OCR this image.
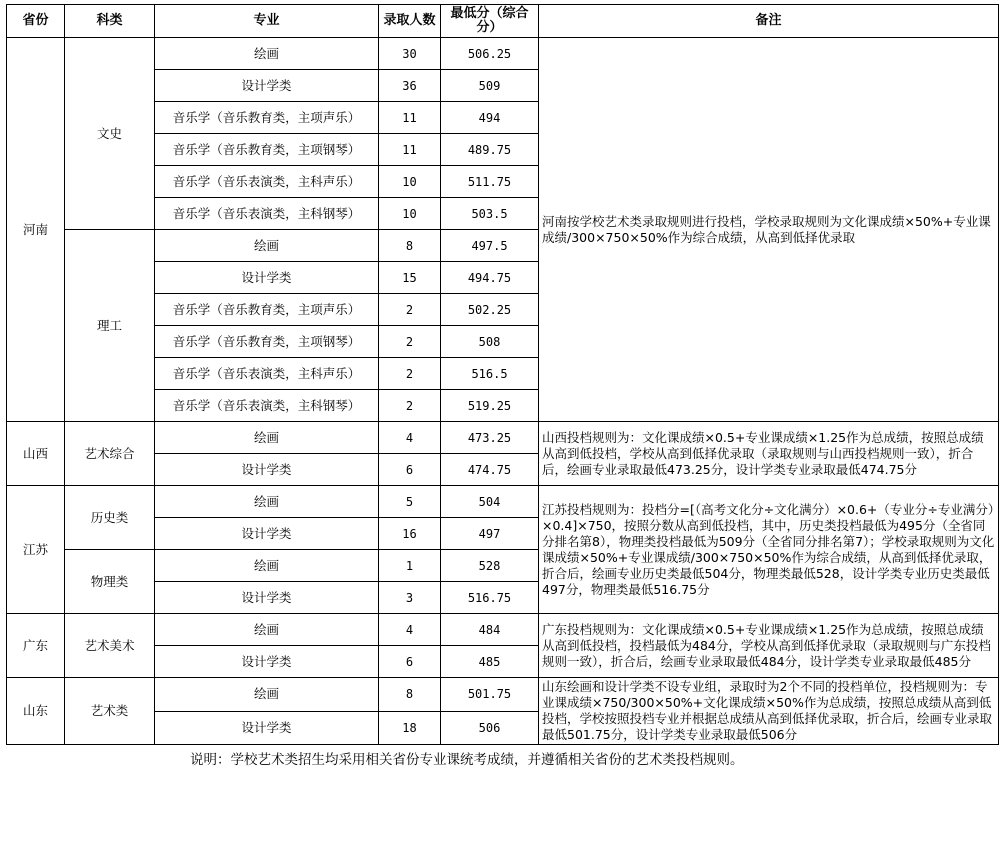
省份	科类	专业	录取人数	最低分（综合分）	备注
河南	文史	绘画	30	506.25	河南按学校艺术类录取规则进行投档，学校录取规则为文化课成绩×50%+专业课成绩/300×750×50%作为综合成绩，从高到低择优录取
		设计学类	36	509	
		音乐学（音乐教育类，主项声乐）	11	494	
		音乐学（音乐教育类，主项钢琴）	11	489.75	
		音乐学（音乐表演类，主科声乐）	10	511.75	
		音乐学（音乐表演类，主科钢琴）	10	503.5	
	理工	绘画	8	497.5	
		设计学类	15	494.75	
		音乐学（音乐教育类，主项声乐）	2	502.25	
		音乐学（音乐教育类，主项钢琴）	2	508	
		音乐学（音乐表演类，主科声乐）	2	516.5	
		音乐学（音乐表演类，主科钢琴）	2	519.25	
山西	艺术综合	绘画	4	473.25	山西投档规则为：文化课成绩×0.5+专业课成绩×1.25作为总成绩，按照总成绩从高到低投档，学校从高到低择优录取（录取规则与山西投档规则一致），折合后，绘画专业录取最低473.25分，设计学类专业录取最低474.75分
		设计学类	6	474.75	
江苏	历史类	绘画	5	504	江苏投档规则为：投档分=[（高考文化分÷文化满分）×0.6+（专业分÷专业满分）×0.4]×750，按照分数从高到低投档，其中，历史类投档最低为495分（全省同分排名第8），物理类投档最低为509分（全省同分排名第7）；学校录取规则为文化课成绩×50%+专业课成绩/300×750×50%作为综合成绩，从高到低择优录取，折合后，绘画专业历史类最低504分，物理类最低528，设计学类专业历史类最低497分，物理类最低516.75分
		设计学类	16	497	
	物理类	绘画	1	528	
		设计学类	3	516.75	
广东	艺术美术	绘画	4	484	广东投档规则为：文化课成绩×0.5+专业课成绩×1.25作为总成绩，按照总成绩从高到低投档，投档最低为484分，学校从高到低择优录取（录取规则与广东投档规则一致），折合后，绘画专业录取最低484分，设计学类专业录取最低485分
		设计学类	6	485	
山东	艺术类	绘画	8	501.75	山东绘画和设计学类不设专业组，录取时为2个不同的投档单位，投档规则为：专业课成绩×750/300×50%+文化课成绩×50%作为总成绩，按照总成绩从高到低投档，学校按照投档专业并根据总成绩从高到低择优录取，折合后，绘画专业录取最低501.75分，设计学类专业录取最低506分
		设计学类	18	506	
说明：学校艺术类招生均采用相关省份专业课统考成绩，并遵循相关省份的艺术类投档规则。
